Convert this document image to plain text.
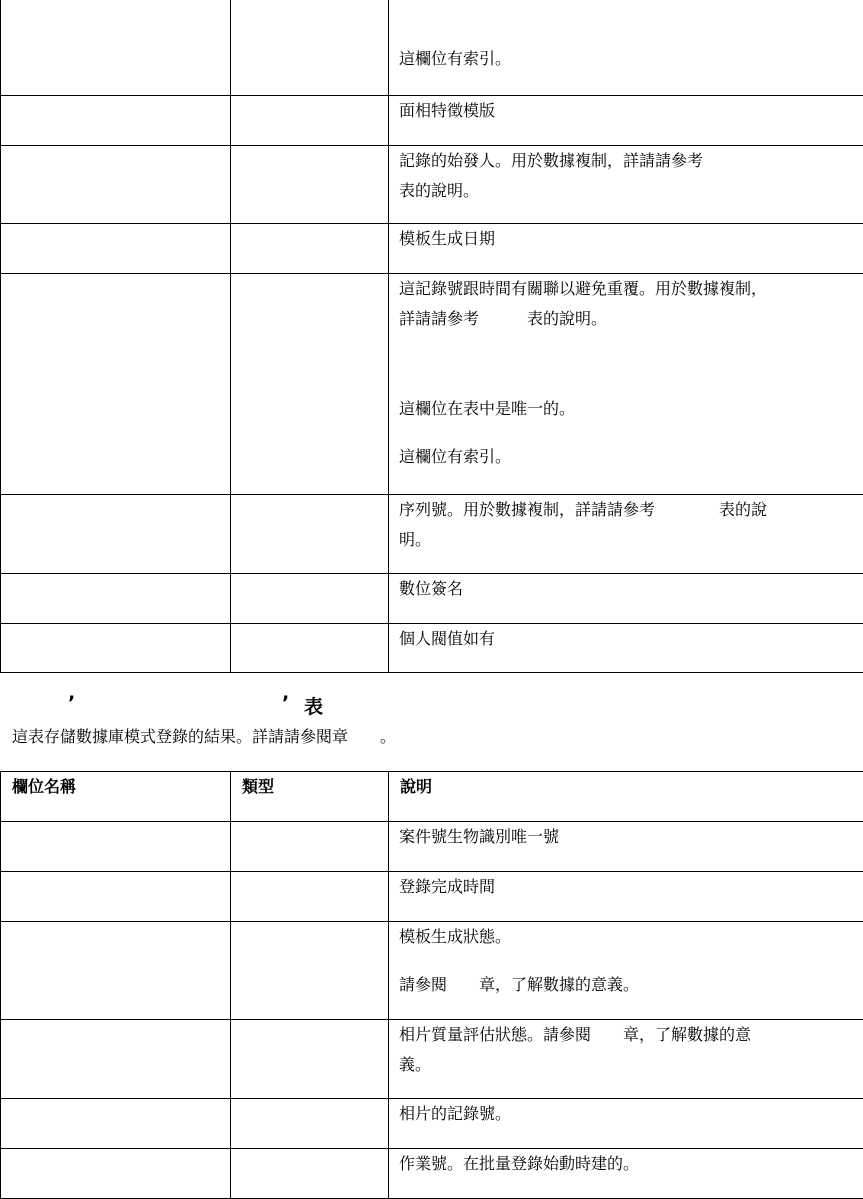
		這欄位有索引。

		面相特徵模版

		記錄的始發人。用於數據複制，詳請請參考

表的說明。

		模板生成日期

		這記錄號跟時間有關聯以避免重覆。用於數據複制，

詳請請參考　　　表的說明。

這欄位在表中是唯一的。

這欄位有索引。

		序列號。用於數據複制，詳請請參考　　　　表的說

明。

		數位簽名

		個人閥值如有

’	’ 表
這表存儲數據庫模式登錄的結果。詳請請參閱章　　。
欄位名稱	類型	說明

		案件號生物識別唯一號

		登錄完成時間

		模板生成狀態。

請參閱　　章，了解數據的意義。

		相片質量評估狀態。請參閱　　章，了解數據的意

義。

		相片的記錄號。

		作業號。在批量登錄始動時建的。
